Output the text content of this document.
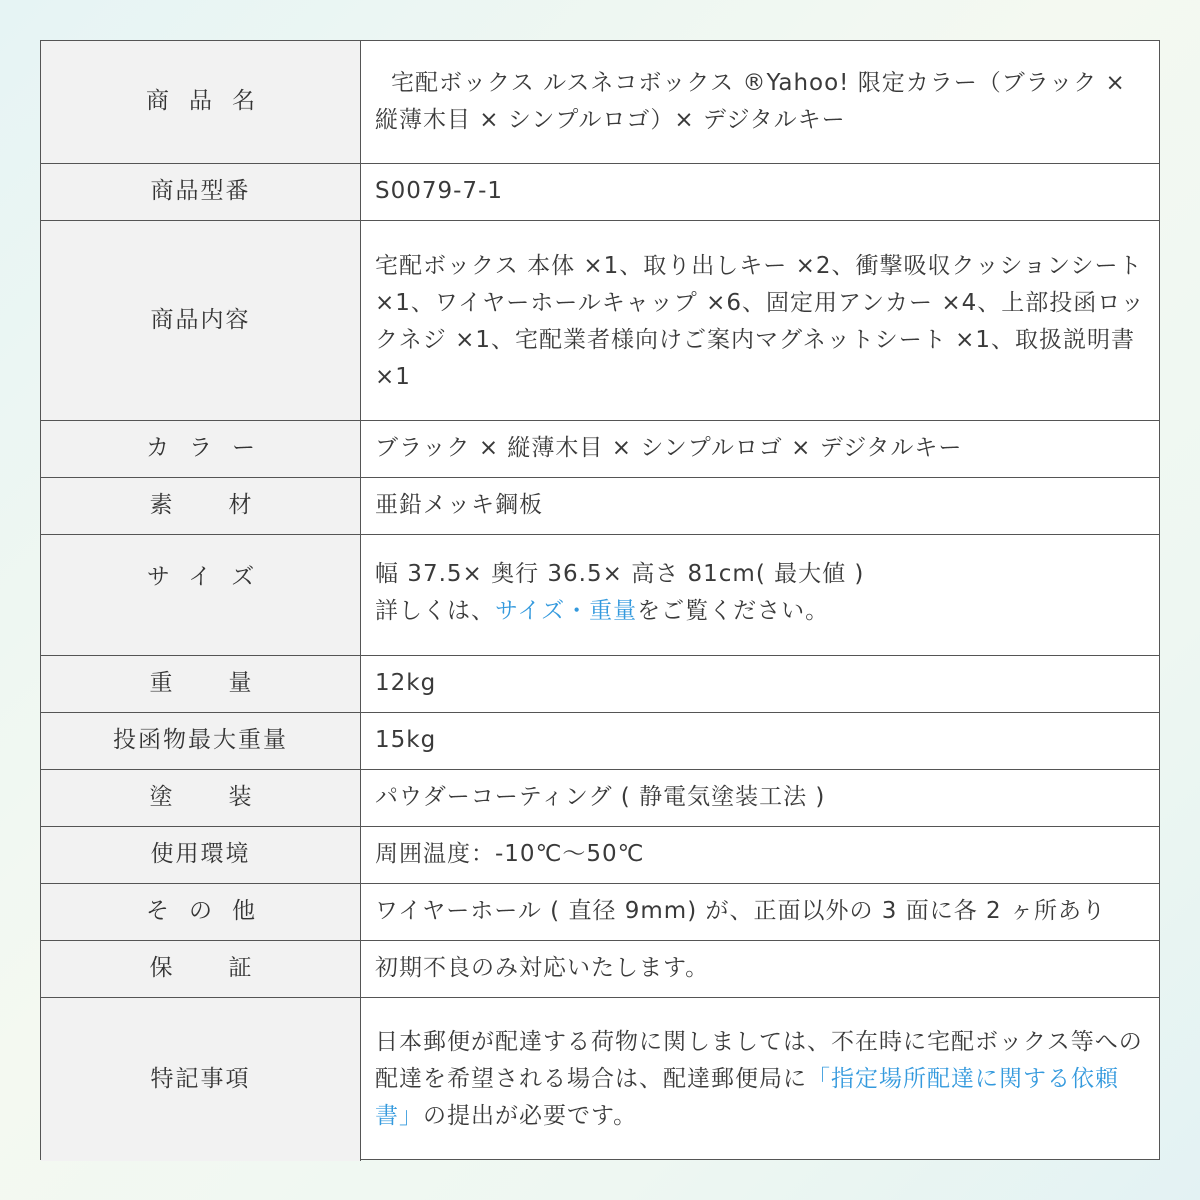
商品名	宅配ボックス ルスネコボックス ®Yahoo! 限定カラー（ブラック × 縦薄木目 × シンプルロゴ）× デジタルキー
商品型番	S0079-7-1
商品内容	宅配ボックス 本体 ×1、取り出しキー ×2、衝撃吸収クッションシート ×1、ワイヤーホールキャップ ×6、固定用アンカー ×4、上部投函ロックネジ ×1、宅配業者様向けご案内マグネットシート ×1、取扱説明書 ×1
カラー	ブラック × 縦薄木目 × シンプルロゴ × デジタルキー
素材	亜鉛メッキ鋼板
サイズ	幅 37.5× 奥行 36.5× 高さ 81cm( 最大値 )
詳しくは、サイズ・重量をご覧ください。

重量	12kg
投函物最大重量	15kg
塗装	パウダーコーティング ( 静電気塗装工法 )
使用環境	周囲温度：-10℃～50℃
その他	ワイヤーホール ( 直径 9mm) が、正面以外の 3 面に各 2 ヶ所あり
保証	初期不良のみ対応いたします。
特記事項	日本郵便が配達する荷物に関しましては、不在時に宅配ボックス等への配達を希望される場合は、配達郵便局に「指定場所配達に関する依頼書」の提出が必要です。
